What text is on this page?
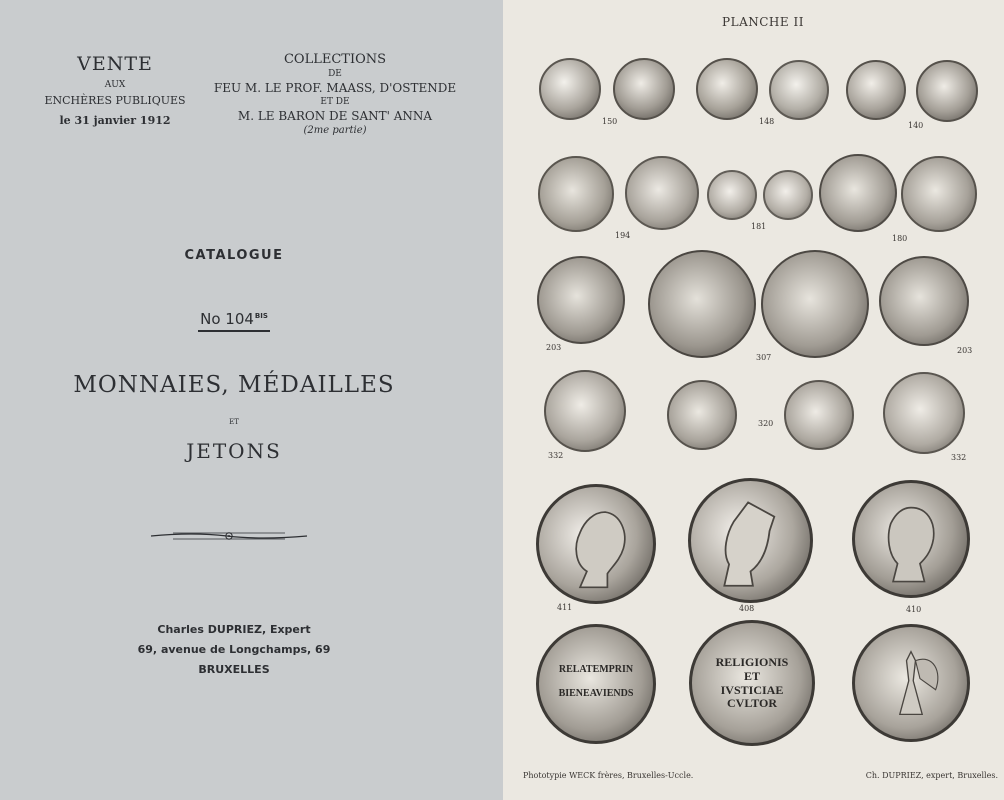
VENTE
AUX
ENCHÈRES PUBLIQUES
le 31 janvier 1912
COLLECTIONS
DE
FEU M. LE PROF. MAASS, D'OSTENDE
ET DE
M. LE BARON DE SANT' ANNA
(2me partie)
CATALOGUE
No $104^{BIS}$
MONNAIES, MÉDAILLES
ET
JETONS
Charles DUPRIEZ, Expert
69, avenue de Longchamps, 69
BRUXELLES
PLANCHE II
RELATEMPRIN
BIENEAVIENDS
RELIGIONIS
ET
IVSTICIAE
CVLTOR
150	148	140
194
181
180
203
307
203
332
320
332
411	408	410
Phototypie WECK frères, Bruxelles-Uccle.	Ch. DUPRIEZ, expert, Bruxelles.
